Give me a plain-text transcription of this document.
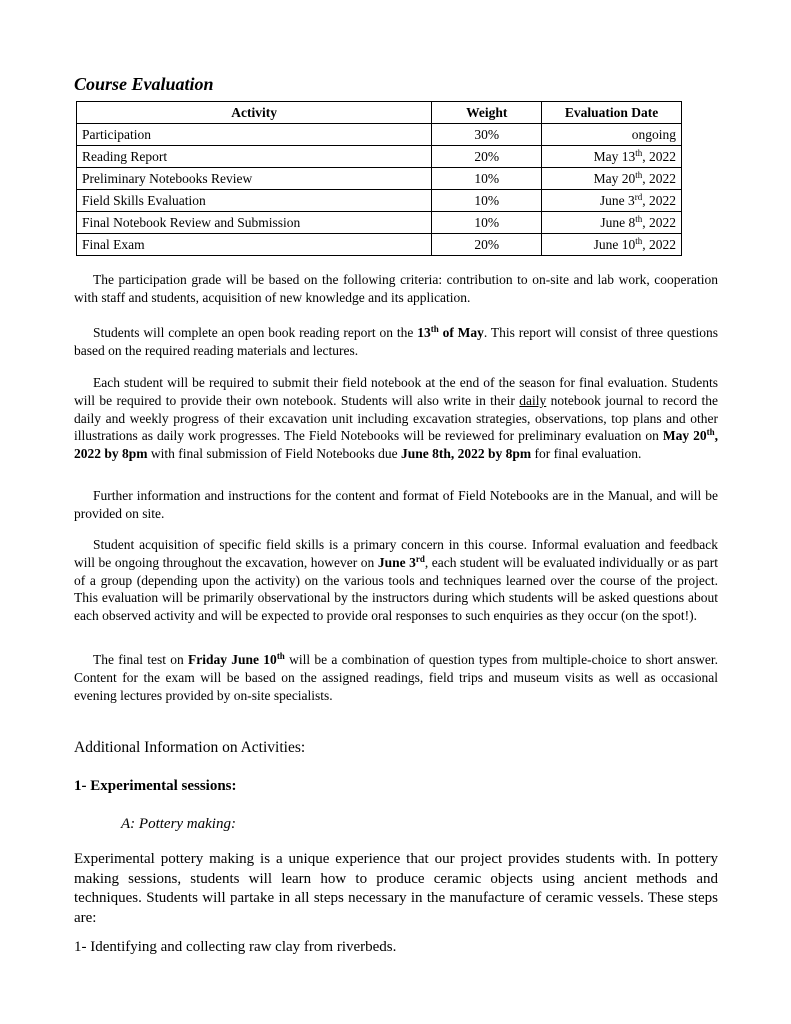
Course Evaluation
Activity	Weight	Evaluation Date
Participation	30%	ongoing
Reading Report	20%	May 13th, 2022
Preliminary Notebooks Review	10%	May 20th, 2022
Field Skills Evaluation	10%	June 3rd, 2022
Final Notebook Review and Submission	10%	June 8th, 2022
Final Exam	20%	June 10th, 2022

The participation grade will be based on the following criteria: contribution to on-site and lab work, cooperation with staff and students, acquisition of new knowledge and its application.

Students will complete an open book reading report on the 13th of May. This report will consist of three questions based on the required reading materials and lectures.

Each student will be required to submit their field notebook at the end of the season for final evaluation. Students will be required to provide their own notebook. Students will also write in their daily notebook journal to record the daily and weekly progress of their excavation unit including excavation strategies, observations, top plans and other illustrations as daily work progresses. The Field Notebooks will be reviewed for preliminary evaluation on May 20th, 2022 by 8pm with final submission of Field Notebooks due June 8th, 2022 by 8pm for final evaluation.

Further information and instructions for the content and format of Field Notebooks are in the Manual, and will be provided on site.

Student acquisition of specific field skills is a primary concern in this course. Informal evaluation and feedback will be ongoing throughout the excavation, however on June 3rd, each student will be evaluated individually or as part of a group (depending upon the activity) on the various tools and techniques learned over the course of the project. This evaluation will be primarily observational by the instructors during which students will be asked questions about each observed activity and will be expected to provide oral responses to such enquiries as they occur (on the spot!).

The final test on Friday June 10th will be a combination of question types from multiple-choice to short answer. Content for the exam will be based on the assigned readings, field trips and museum visits as well as occasional evening lectures provided by on-site specialists.

Additional Information on Activities:

1- Experimental sessions:

A: Pottery making:

Experimental pottery making is a unique experience that our project provides students with. In pottery making sessions, students will learn how to produce ceramic objects using ancient methods and techniques. Students will partake in all steps necessary in the manufacture of ceramic vessels. These steps are:

1- Identifying and collecting raw clay from riverbeds.
